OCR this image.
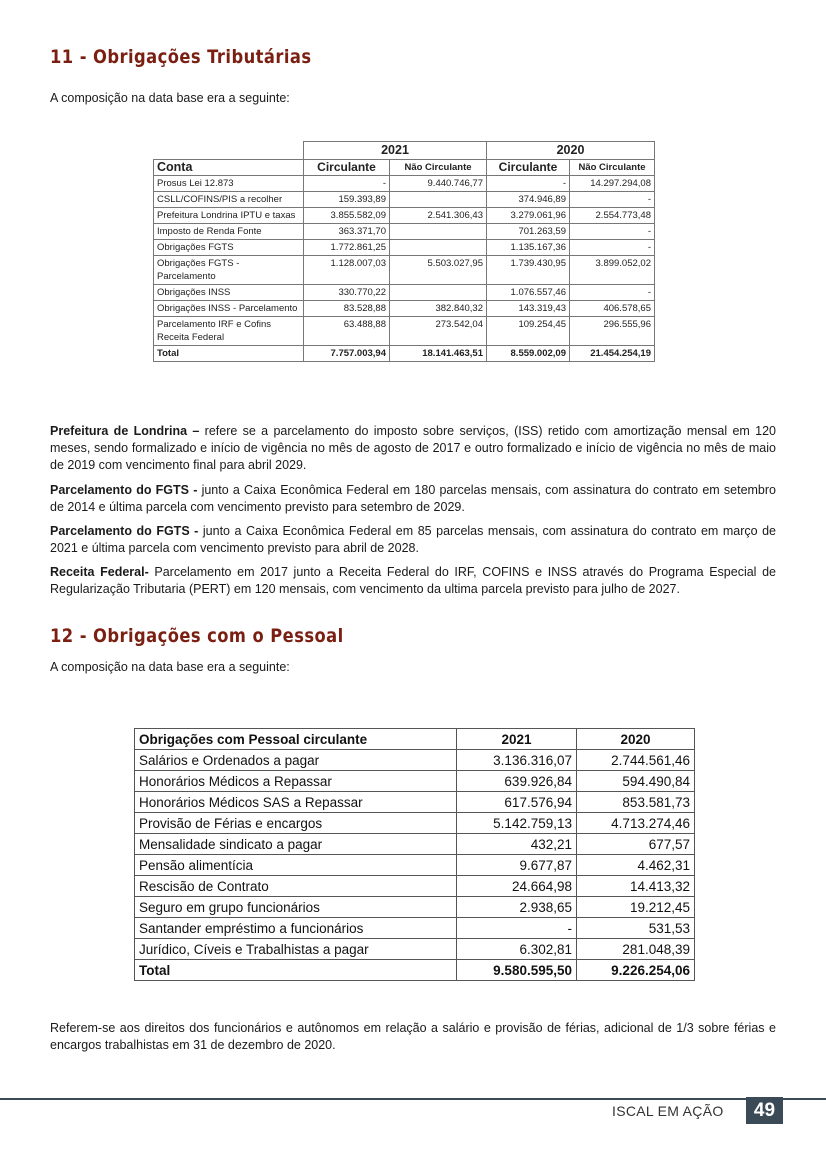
11 - Obrigações Tributárias

A composição na data base era a seguinte:

	2021		2020	
Conta	Circulante	Não Circulante	Circulante	Não Circulante
Prosus Lei 12.873	-	9.440.746,77	-	14.297.294,08
CSLL/COFINS/PIS a recolher	159.393,89		374.946,89	-
Prefeitura Londrina IPTU e taxas	3.855.582,09	2.541.306,43	3.279.061,96	2.554.773,48
Imposto de Renda Fonte	363.371,70		701.263,59	-
Obrigações FGTS	1.772.861,25		1.135.167,36	-
Obrigações FGTS - Parcelamento	1.128.007,03	5.503.027,95	1.739.430,95	3.899.052,02
Obrigações INSS	330.770,22		1.076.557,46	-
Obrigações INSS - Parcelamento	83.528,88	382.840,32	143.319,43	406.578,65
Parcelamento IRF e Cofins Receita Federal	63.488,88	273.542,04	109.254,45	296.555,96
Total	7.757.003,94	18.141.463,51	8.559.002,09	21.454.254,19

Prefeitura de Londrina – refere se a parcelamento do imposto sobre serviços, (ISS) retido com amortização mensal em 120 meses, sendo formalizado e início de vigência no mês de agosto de 2017 e outro formalizado e início de vigência no mês de maio de 2019 com vencimento final para abril 2029.

Parcelamento do FGTS - junto a Caixa Econômica Federal em 180 parcelas mensais, com assinatura do contrato em setembro de 2014 e última parcela com vencimento previsto para setembro de 2029.

Parcelamento do FGTS - junto a Caixa Econômica Federal em 85 parcelas mensais, com assinatura do contrato em março de 2021 e última parcela com vencimento previsto para abril de 2028.

Receita Federal- Parcelamento em 2017 junto a Receita Federal do IRF, COFINS e INSS através do Programa Especial de Regularização Tributaria (PERT) em 120 mensais, com vencimento da ultima parcela previsto para julho de 2027.

12 - Obrigações com o Pessoal

A composição na data base era a seguinte:

Obrigações com Pessoal circulante	2021	2020
Salários e Ordenados a pagar	3.136.316,07	2.744.561,46
Honorários Médicos a Repassar	639.926,84	594.490,84
Honorários Médicos SAS a Repassar	617.576,94	853.581,73
Provisão de Férias e encargos	5.142.759,13	4.713.274,46
Mensalidade sindicato a pagar	432,21	677,57
Pensão alimentícia	9.677,87	4.462,31
Rescisão de Contrato	24.664,98	14.413,32
Seguro em grupo funcionários	2.938,65	19.212,45
Santander empréstimo a funcionários	-	531,53
Jurídico, Cíveis e Trabalhistas a pagar	6.302,81	281.048,39
Total	9.580.595,50	9.226.254,06

Referem-se aos direitos dos funcionários e autônomos em relação a salário e provisão de férias, adicional de 1/3 sobre férias e encargos trabalhistas em 31 de dezembro de 2020.

ISCAL EM AÇÃO	49
